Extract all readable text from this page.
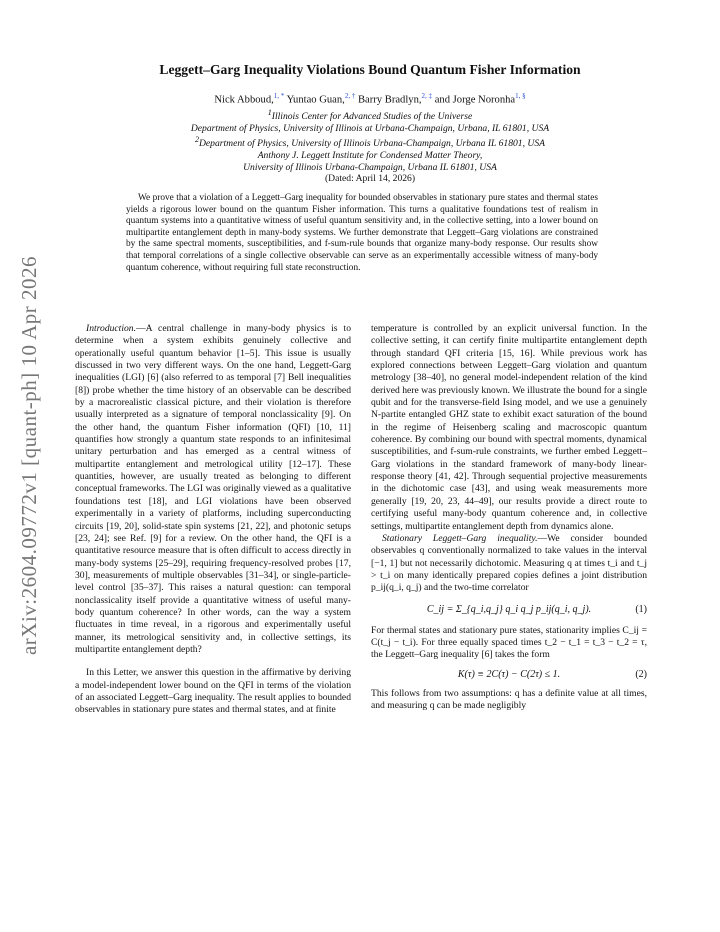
arXiv:2604.09772v1 [quant-ph] 10 Apr 2026
Leggett–Garg Inequality Violations Bound Quantum Fisher Information
Nick Abboud,$^{1, *}$ Yuntao Guan,$^{2, \dagger}$ Barry Bradlyn,$^{2, \ddagger}$ and Jorge Noronha$^{1, \S}$
$^1$Illinois Center for Advanced Studies of the Universe
Department of Physics, University of Illinois at Urbana-Champaign, Urbana, IL 61801, USA
$^2$Department of Physics, University of Illinois Urbana-Champaign, Urbana IL 61801, USA
Anthony J. Leggett Institute for Condensed Matter Theory,
University of Illinois Urbana-Champaign, Urbana IL 61801, USA
(Dated: April 14, 2026)

We prove that a violation of a Leggett–Garg inequality for bounded observables in stationary pure states and thermal states yields a rigorous lower bound on the quantum Fisher information. This turns a qualitative foundations test of realism in quantum systems into a quantitative witness of useful quantum sensitivity and, in the collective setting, into a lower bound on multipartite entanglement depth in many-body systems. We further demonstrate that Leggett–Garg violations are constrained by the same spectral moments, susceptibilities, and f-sum-rule bounds that organize many-body response. Our results show that temporal correlations of a single collective observable can serve as an experimentally accessible witness of many-body quantum coherence, without requiring full state reconstruction.

Introduction.—A central challenge in many-body physics is to determine when a system exhibits genuinely collective and operationally useful quantum behavior [1–5]. This issue is usually discussed in two very different ways. On the one hand, Leggett-Garg inequalities (LGI) [6] (also referred to as temporal [7] Bell inequalities [8]) probe whether the time history of an observable can be described by a macrorealistic classical picture, and their violation is therefore usually interpreted as a signature of temporal nonclassicality [9]. On the other hand, the quantum Fisher information (QFI) [10, 11] quantifies how strongly a quantum state responds to an infinitesimal unitary perturbation and has emerged as a central witness of multipartite entanglement and metrological utility [12–17]. These quantities, however, are usually treated as belonging to different conceptual frameworks. The LGI was originally viewed as a qualitative foundations test [18], and LGI violations have been observed experimentally in a variety of platforms, including superconducting circuits [19, 20], solid-state spin systems [21, 22], and photonic setups [23, 24]; see Ref. [9] for a review. On the other hand, the QFI is a quantitative resource measure that is often difficult to access directly in many-body systems [25–29], requiring frequency-resolved probes [17, 30], measurements of multiple observables [31–34], or single-particle-level control [35–37]. This raises a natural question: can temporal nonclassicality itself provide a quantitative witness of useful many-body quantum coherence? In other words, can the way a system fluctuates in time reveal, in a rigorous and experimentally useful manner, its metrological sensitivity and, in collective settings, its multipartite entanglement depth?

In this Letter, we answer this question in the affirmative by deriving a model-independent lower bound on the QFI in terms of the violation of an associated Leggett–Garg inequality. The result applies to bounded observables in stationary pure states and thermal states, and at finite

temperature is controlled by an explicit universal function. In the collective setting, it can certify finite multipartite entanglement depth through standard QFI criteria [15, 16]. While previous work has explored connections between Leggett–Garg violation and quantum metrology [38–40], no general model-independent relation of the kind derived here was previously known. We illustrate the bound for a single qubit and for the transverse-field Ising model, and we use a genuinely N-partite entangled GHZ state to exhibit exact saturation of the bound in the regime of Heisenberg scaling and macroscopic quantum coherence. By combining our bound with spectral moments, dynamical susceptibilities, and f-sum-rule constraints, we further embed Leggett–Garg violations in the standard framework of many-body linear-response theory [41, 42]. Through sequential projective measurements in the dichotomic case [43], and using weak measurements more generally [19, 20, 23, 44–49], our results provide a direct route to certifying useful many-body quantum coherence and, in collective settings, multipartite entanglement depth from dynamics alone.

Stationary Leggett–Garg inequality.—We consider bounded observables q conventionally normalized to take values in the interval [−1, 1] but not necessarily dichotomic. Measuring q at times t_i and t_j > t_i on many identically prepared copies defines a joint distribution p_ij(q_i, q_j) and the two-time correlator

C_ij = Σ_{q_i,q_j} q_i q_j p_ij(q_i, q_j).	(1)

For thermal states and stationary pure states, stationarity implies C_ij = C(t_j − t_i). For three equally spaced times t_2 − t_1 = t_3 − t_2 = τ, the Leggett–Garg inequality [6] takes the form

K(τ) ≡ 2C(τ) − C(2τ) ≤ 1.	(2)

This follows from two assumptions: q has a definite value at all times, and measuring q can be made negligibly
